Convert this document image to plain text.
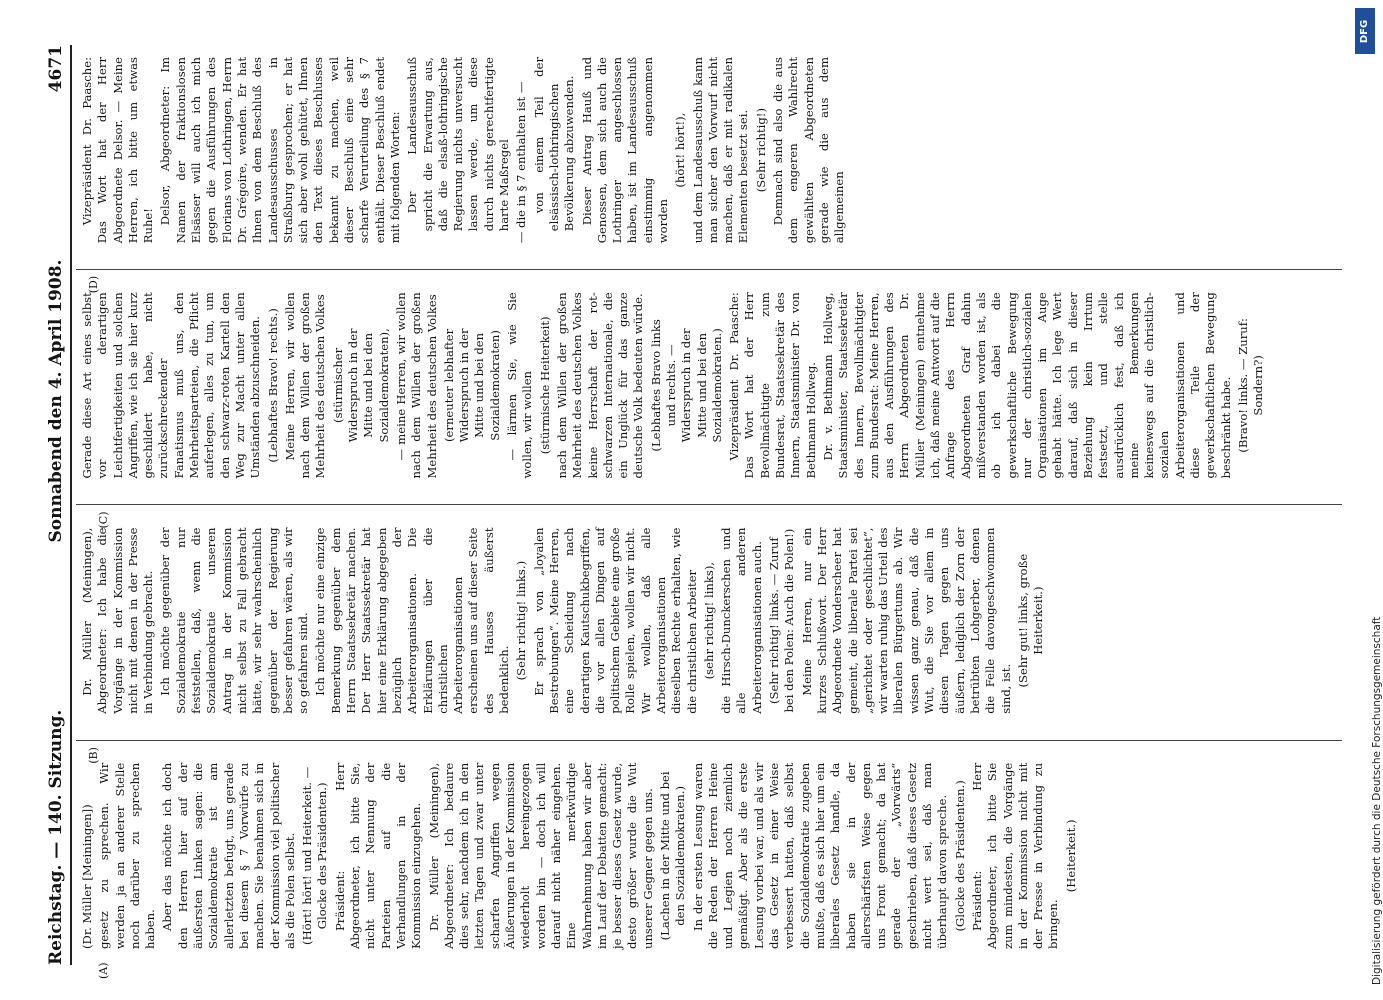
Reichstag. — 140. Sitzung.
Sonnabend den 4. April 1908.
4671
(A)

(Dr. Müller [Meiningen]) gesetz zu sprechen. Wir werden ja an anderer Stelle noch darüber zu sprechen haben. Aber das möchte ich doch den Herren hier auf der äußersten Linken sagen: die Sozialdemokratie ist am allerletzten befugt, uns gerade bei diesem § 7 Vorwürfe zu machen. Sie benahmen sich in der Kommission viel politischer als die Polen selbst. (Hört! hört! und Heiterkeit. — Glocke des Präsidenten.) Präsident: Herr Abgeordneter, ich bitte Sie, nicht unter Nennung der Parteien auf die Verhandlungen in der Kommission einzugehen. Dr. Müller (Meiningen), Abgeordneter: Ich bedaure dies sehr, nachdem ich in den letzten Tagen und zwar unter scharfen Angriffen wegen Äußerungen in der Kommission wiederholt hereingezogen worden bin — doch ich will darauf nicht näher eingehen. Eine merkwürdige Wahrnehmung haben wir aber im Lauf der Debatten gemacht: je besser dieses Gesetz wurde, desto größer wurde die Wut unserer Gegner gegen uns. (Lachen in der Mitte und bei den Sozialdemokraten.) In der ersten Lesung waren die Reden der Herren Heine und Legien noch ziemlich gemäßigt. Aber als die erste Lesung vorbei war, und als wir das Gesetz in einer Weise verbessert hatten, daß selbst die Sozialdemokratie zugeben mußte, daß es sich hier um ein liberales Gesetz handle, da haben sie in der allerschärfsten Weise gegen uns Front gemacht; da hat gerade der „Vorwärts“ geschrieben, daß dieses Gesetz nicht wert sei, daß man überhaupt davon spreche. (Glocke des Präsidenten.) Präsident: Herr Abgeordneter, ich bitte Sie zum mindesten, die Vorgänge in der Kommission nicht mit der Presse in Verbindung zu bringen.

(Heiterkeit.)

(B)

Dr. Müller (Meiningen), Abgeordneter: Ich habe die Vorgänge in der Kommission nicht mit denen in der Presse in Verbindung gebracht. Ich möchte gegenüber der Sozialdemokratie nur feststellen, daß, wenn die Sozialdemokratie unseren Antrag in der Kommission nicht selbst zu Fall gebracht hätte, wir sehr wahrscheinlich gegenüber der Regierung besser gefahren wären, als wir so gefahren sind. Ich möchte nur eine einzige Bemerkung gegenüber dem Herrn Staatssekretär machen. Der Herr Staatssekretär hat hier eine Erklärung abgegeben bezüglich der Arbeiterorganisationen. Die Erklärungen über die christlichen Arbeiterorganisationen erscheinen uns auf dieser Seite des Hauses äußerst bedenklich. (Sehr richtig! links.) Er sprach von „loyalen Bestrebungen“. Meine Herren, eine Scheidung nach derartigen Kautschukbegriffen, die vor allen Dingen auf politischem Gebiete eine große Rolle spielen, wollen wir nicht. Wir wollen, daß alle Arbeiterorganisationen dieselben Rechte erhalten, wie die christlichen Arbeiter (sehr richtig! links), die Hirsch-Dunckerschen und alle anderen Arbeiterorganisationen auch. (Sehr richtig! links. — Zuruf bei den Polen: Auch die Polen!) Meine Herren, nur ein kurzes Schlußwort. Der Herr Abgeordnete Vonderscheer hat gemeint, die liberale Partei sei „gerichtet oder geschlichtet“, wir warten ruhig das Urteil des liberalen Bürgertums ab. Wir wissen ganz genau, daß die Wut, die Sie vor allem in diesen Tagen gegen uns äußern, lediglich der Zorn der betrübten Lohgerber, denen die Felle davongeschwommen sind, ist.

(Sehr gut! links, große Heiterkeit.)

(C)

Gerade diese Art eines selbst vor derartigen Leichtfertigkeiten und solchen Angriffen, wie ich sie hier kurz geschildert habe, nicht zurückschreckender Fanatismus muß uns, den Mehrheitsparteien, die Pflicht auferlegen, alles zu tun, um den schwarz-roten Kartell den Weg zur Macht unter allen Umständen abzuschneiden. (Lebhaftes Bravo! rechts.) Meine Herren, wir wollen nach dem Willen der großen Mehrheit des deutschen Volkes (stürmischer Widerspruch in der Mitte und bei den Sozialdemokraten), — meine Herren, wir wollen nach dem Willen der großen Mehrheit des deutschen Volkes (erneuter lebhafter Widerspruch in der Mitte und bei den Sozialdemokraten) — lärmen Sie, wie Sie wollen, wir wollen (stürmische Heiterkeit) nach dem Willen der großen Mehrheit des deutschen Volkes keine Herrschaft der rot-schwarzen Internationale, die ein Unglück für das ganze deutsche Volk bedeuten würde. (Lebhaftes Bravo links und rechts. — Widerspruch in der Mitte und bei den Sozialdemokraten.) Vizepräsident Dr. Paasche: Das Wort hat der Herr Bevollmächtigte zum Bundesrat, Staatssekretär des Innern, Staatsminister Dr. von Bethmann Hollweg. Dr. v. Bethmann Hollweg, Staatsminister, Staatssekretär des Innern, Bevollmächtigter zum Bundesrat: Meine Herren, aus den Ausführungen des Herrn Abgeordneten Dr. Müller (Meiningen) entnehme ich, daß meine Antwort auf die Anfrage des Herrn Abgeordneten Graf dahin mißverstanden worden ist, als ob ich dabei die gewerkschaftliche Bewegung nur der christlich-sozialen Organisationen im Auge gehabt hätte. Ich lege Wert darauf, daß sich in dieser Beziehung kein Irrtum festsetzt, und stelle ausdrücklich fest, daß ich meine Bemerkungen keineswegs auf die christlich-sozialen Arbeiterorganisationen und diese Teile der gewerkschaftlichen Bewegung beschränkt habe. (Bravo! links. — Zuruf: Sondern?)

(D)

Vizepräsident Dr. Paasche: Das Wort hat der Herr Abgeordnete Delsor. — Meine Herren, ich bitte um etwas Ruhe!

Delsor, Abgeordneter: Im Namen der fraktionslosen Elsässer will auch ich mich gegen die Ausführungen des Florians von Lothringen, Herrn Dr. Grégoire, wenden. Er hat Ihnen von dem Beschluß des Landesausschusses in Straßburg gesprochen; er hat sich aber wohl gehütet, Ihnen den Text dieses Beschlusses bekannt zu machen, weil dieser Beschluß eine sehr scharfe Verurteilung des § 7 enthält. Dieser Beschluß endet mit folgenden Worten: Der Landesausschuß spricht die Erwartung aus, daß die elsaß-lothringische Regierung nichts unversucht lassen werde, um diese durch nichts gerechtfertigte harte Maßregel — die in § 7 enthalten ist — von einem Teil der elsässisch-lothringischen Bevölkerung abzuwenden. Dieser Antrag Hauß und Genossen, dem sich auch die Lothringer angeschlossen haben, ist im Landesausschuß einstimmig angenommen worden

(hört! hört!), und dem Landesausschuß kann man sicher den Vorwurf nicht machen, daß er mit radikalen Elementen besetzt sei. (Sehr richtig!) Demnach sind also die aus dem engeren Wahlrecht gewählten Abgeordneten gerade wie die aus dem allgemeinen

Digitalisierung gefördert durch die Deutsche Forschungsgemeinschaft
DFG
